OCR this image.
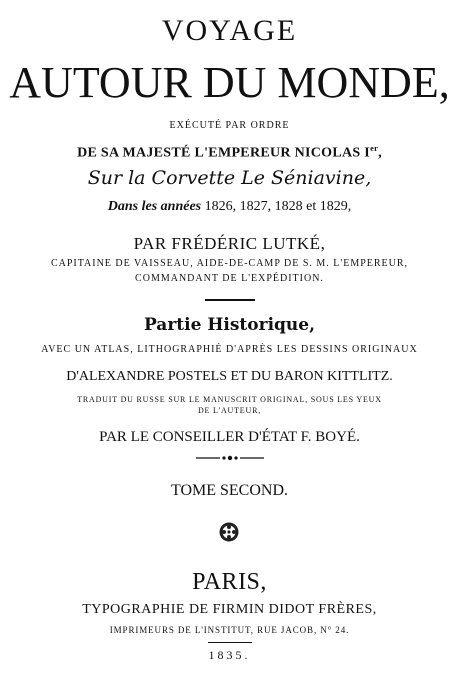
VOYAGE
AUTOUR DU MONDE,
EXÉCUTÉ PAR ORDRE
DE SA MAJESTÉ L'EMPEREUR NICOLAS Ier,
Sur la Corvette Le Séniavine,
Dans les années 1826, 1827, 1828 et 1829,
PAR FRÉDÉRIC LUTKÉ,
CAPITAINE DE VAISSEAU, AIDE-DE-CAMP DE S. M. L'EMPEREUR,
COMMANDANT DE L'EXPÉDITION.
Partie Historique,
AVEC UN ATLAS, LITHOGRAPHIÉ D'APRÈS LES DESSINS ORIGINAUX
D'ALEXANDRE POSTELS ET DU BARON KITTLITZ.
TRADUIT DU RUSSE SUR LE MANUSCRIT ORIGINAL, SOUS LES YEUX
DE L'AUTEUR,
PAR LE CONSEILLER D'ÉTAT F. BOYÉ.
TOME SECOND.
PARIS,
TYPOGRAPHIE DE FIRMIN DIDOT FRÈRES,
IMPRIMEURS DE L'INSTITUT, RUE JACOB, N° 24.
1835.
